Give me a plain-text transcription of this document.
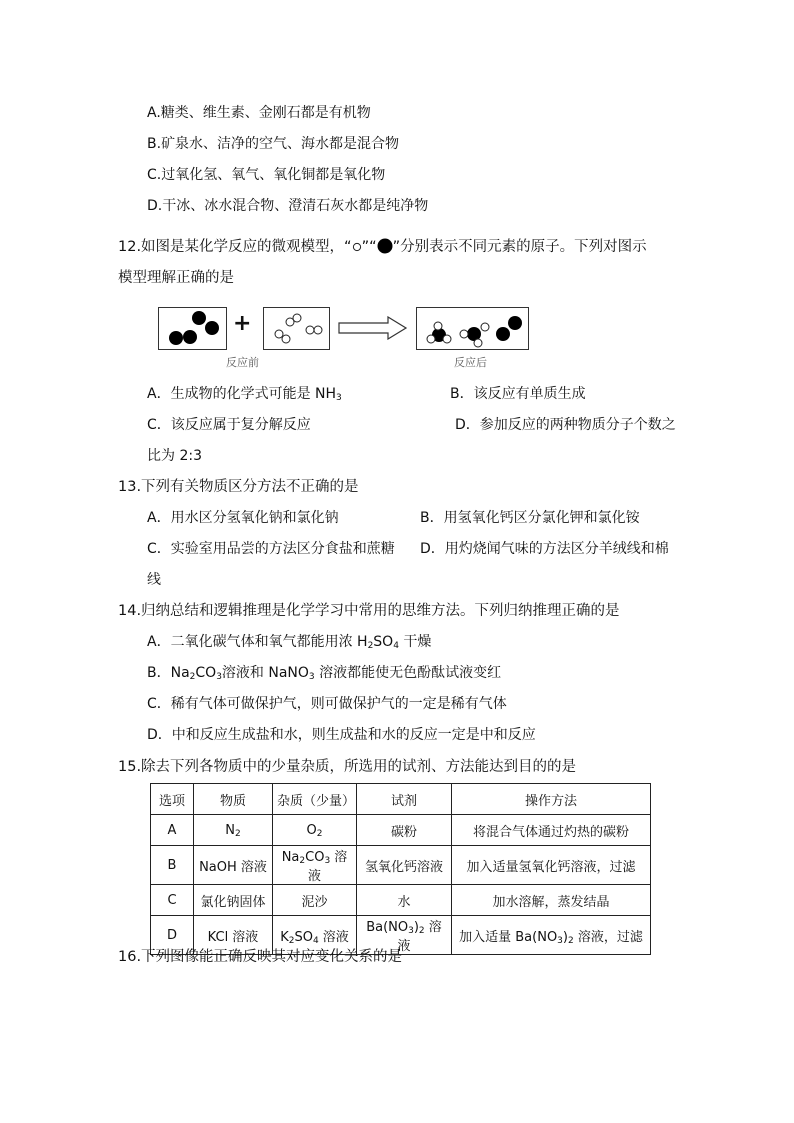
A.糖类、维生素、金刚石都是有机物
B.矿泉水、洁净的空气、海水都是混合物
C.过氧化氢、氧气、氧化铜都是氧化物
D.干冰、冰水混合物、澄清石灰水都是纯净物
12.如图是某化学反应的微观模型，“ ”“ ”分别表示不同元素的原子。下列对图示
模型理解正确的是
+
反应前	反应后
A．生成物的化学式可能是 $NH_3$	B．该反应有单质生成
C．该反应属于复分解反应	D．参加反应的两种物质分子个数之
比为 2:3
13.下列有关物质区分方法不正确的是
A．用水区分氢氧化钠和氯化钠	B．用氢氧化钙区分氯化钾和氯化铵
C．实验室用品尝的方法区分食盐和蔗糖 D．用灼烧闻气味的方法区分羊绒线和棉
线
14.归纳总结和逻辑推理是化学学习中常用的思维方法。下列归纳推理正确的是
A．二氧化碳气体和氧气都能用浓 $H_2SO_4$ 干燥
B．$Na_2CO_3$溶液和 NaNO$_3$ 溶液都能使无色酚酞试液变红
C．稀有气体可做保护气，则可做保护气的一定是稀有气体
D．中和反应生成盐和水，则生成盐和水的反应一定是中和反应
15.除去下列各物质中的少量杂质，所选用的试剂、方法能达到目的的是
选项	物质	杂质（少量）	试剂	操作方法
A	$N_2$	$O_2$	碳粉	将混合气体通过灼热的碳粉
B	NaOH 溶液	$Na_2CO_3$ 溶液	氢氧化钙溶液	加入适量氢氧化钙溶液，过滤
C	氯化钠固体	泥沙	水	加水溶解，蒸发结晶
D	KCl 溶液	$K_2SO_4$ 溶液	$Ba(NO_3)_2$ 溶液	加入适量 $Ba(NO_3)_2$ 溶液，过滤
16.下列图像能正确反映其对应变化关系的是
